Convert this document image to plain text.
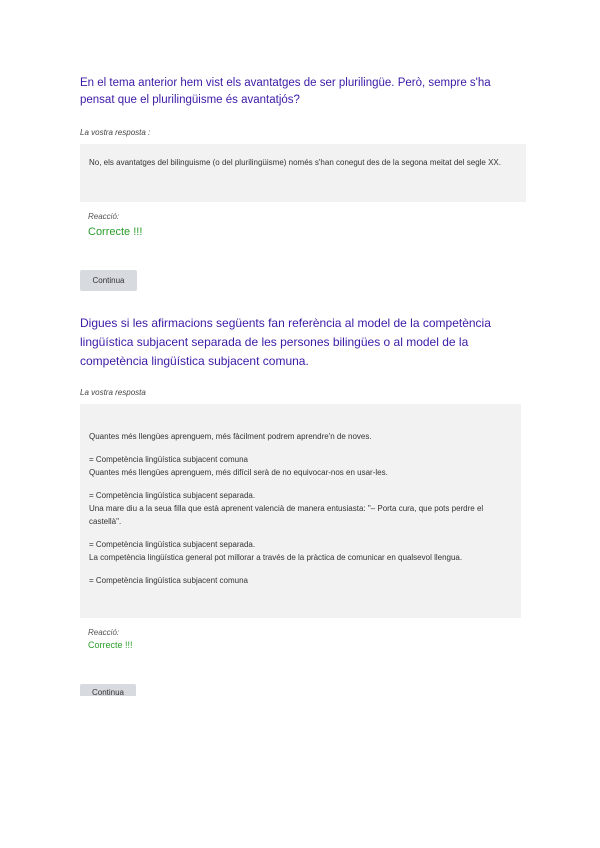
En el tema anterior hem vist els avantatges de ser plurilingüe. Però, sempre s'ha pensat que el plurilingüisme és avantatjós?
La vostra resposta :
No, els avantatges del bilinguisme (o del plurilingüisme) només s'han conegut des de la segona meitat del segle XX.
Reacció:
Correcte !!!
Continua
Digues si les afirmacions següents fan referència al model de la competència lingüística subjacent separada de les persones bilingües o al model de la competència lingüística subjacent comuna.
La vostra resposta

Quantes més llengües aprenguem, més fàcilment podrem aprendre'n de noves.

= Competència lingüística subjacent comuna

Quantes més llengües aprenguem, més difícil serà de no equivocar-nos en usar-les.

= Competència lingüística subjacent separada.

Una mare diu a la seua filla que està aprenent valencià de manera entusiasta: "– Porta cura, que pots perdre el castellà".

= Competència lingüística subjacent separada.

La competència lingüística general pot millorar a través de la pràctica de comunicar en qualsevol llengua.

= Competència lingüística subjacent comuna

Reacció:
Correcte !!!
Continua
